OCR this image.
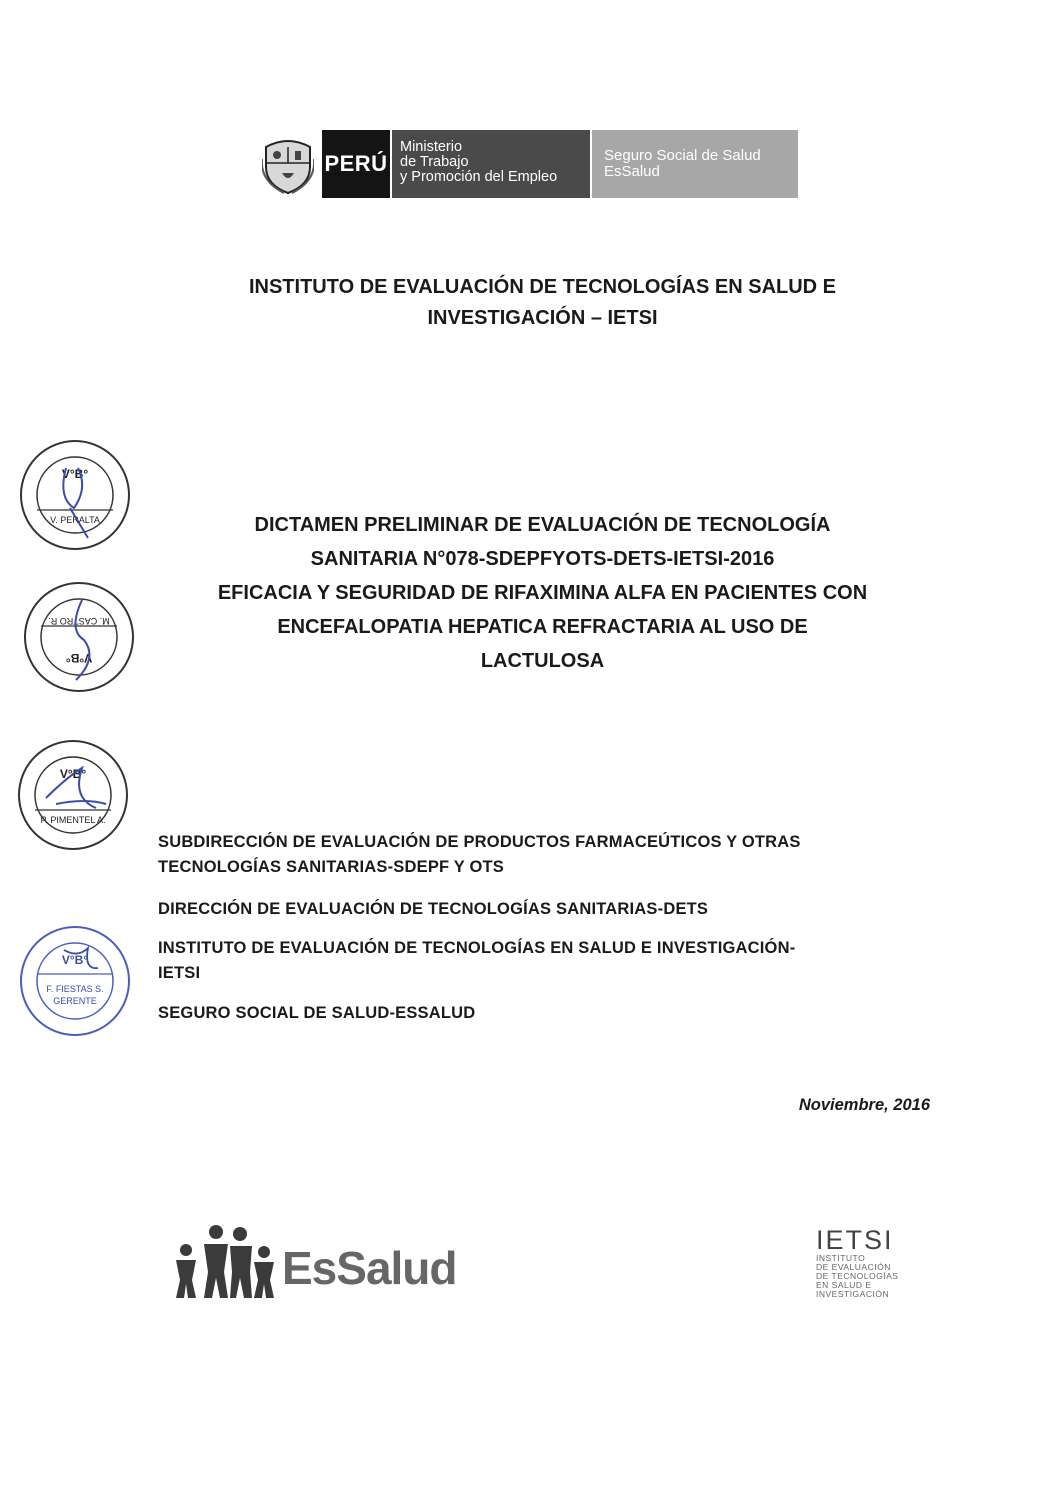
PERÚ
Ministerio
de Trabajo
y Promoción del Empleo
Seguro Social de Salud
EsSalud
INSTITUTO DE EVALUACIÓN DE TECNOLOGÍAS EN SALUD E
INVESTIGACIÓN – IETSI
DICTAMEN PRELIMINAR DE EVALUACIÓN DE TECNOLOGÍA
SANITARIA N°078-SDEPFYOTS-DETS-IETSI-2016
EFICACIA Y SEGURIDAD DE RIFAXIMINA ALFA EN PACIENTES CON
ENCEFALOPATIA HEPATICA REFRACTARIA AL USO DE
LACTULOSA
V°B°
V. PERALTA
V°B°
M. CASTRO R.
V°B°
P. PIMENTEL A.
V°B°
F. FIESTAS S.
GERENTE
SUBDIRECCIÓN DE EVALUACIÓN DE PRODUCTOS FARMACEÚTICOS Y OTRAS
TECNOLOGÍAS SANITARIAS-SDEPF Y OTS
DIRECCIÓN DE EVALUACIÓN DE TECNOLOGÍAS SANITARIAS-DETS
INSTITUTO DE EVALUACIÓN DE TECNOLOGÍAS EN SALUD E INVESTIGACIÓN-
IETSI
SEGURO SOCIAL DE SALUD-ESSALUD
Noviembre, 2016
EsSalud
IETSI
INSTITUTO
DE EVALUACIÓN
DE TECNOLOGÍAS
EN SALUD E
INVESTIGACIÓN
